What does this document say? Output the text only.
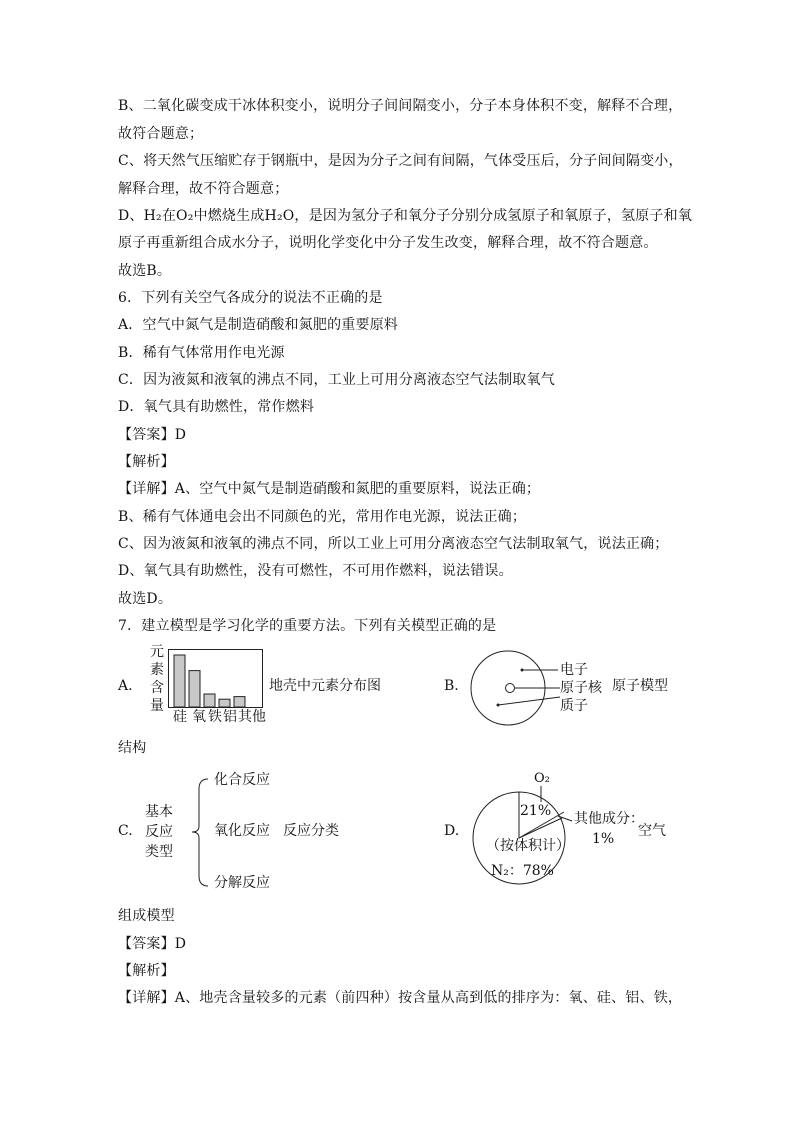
B、二氧化碳变成干冰体积变小，说明分子间间隔变小，分子本身体积不变，解释不合理，
故符合题意；
C、将天然气压缩贮存于钢瓶中，是因为分子之间有间隔，气体受压后，分子间间隔变小，
解释合理，故不符合题意；
D、H₂在O₂中燃烧生成H₂O，是因为氢分子和氧分子分别分成氢原子和氧原子，氢原子和氧
原子再重新组合成水分子，说明化学变化中分子发生改变，解释合理，故不符合题意。
故选B。
6．下列有关空气各成分的说法不正确的是
A．空气中氮气是制造硝酸和氮肥的重要原料
B．稀有气体常用作电光源
C．因为液氮和液氧的沸点不同，工业上可用分离液态空气法制取氧气
D．氧气具有助燃性，常作燃料
【答案】D
【解析】
【详解】A、空气中氮气是制造硝酸和氮肥的重要原料，说法正确；
B、稀有气体通电会出不同颜色的光，常用作电光源，说法正确；
C、因为液氮和液氧的沸点不同，所以工业上可用分离液态空气法制取氧气，说法正确；
D、氧气具有助燃性，没有可燃性，不可用作燃料，说法错误。
故选D。
7．建立模型是学习化学的重要方法。下列有关模型正确的是
A.
元
素
含
量
硅 氧 铁 铝 其他
地壳中元素分布图	B.
电子
原子核
质子
原子模型
结构
C.
基本
反应
类型
化合反应
氧化反应 反应分类
分解反应
D.
O₂
21%
（按体积计）
N₂：78%
其他成分：
1% 空气
组成模型
【答案】D
【解析】
【详解】A、地壳含量较多的元素（前四种）按含量从高到低的排序为：氧、硅、铝、铁，
